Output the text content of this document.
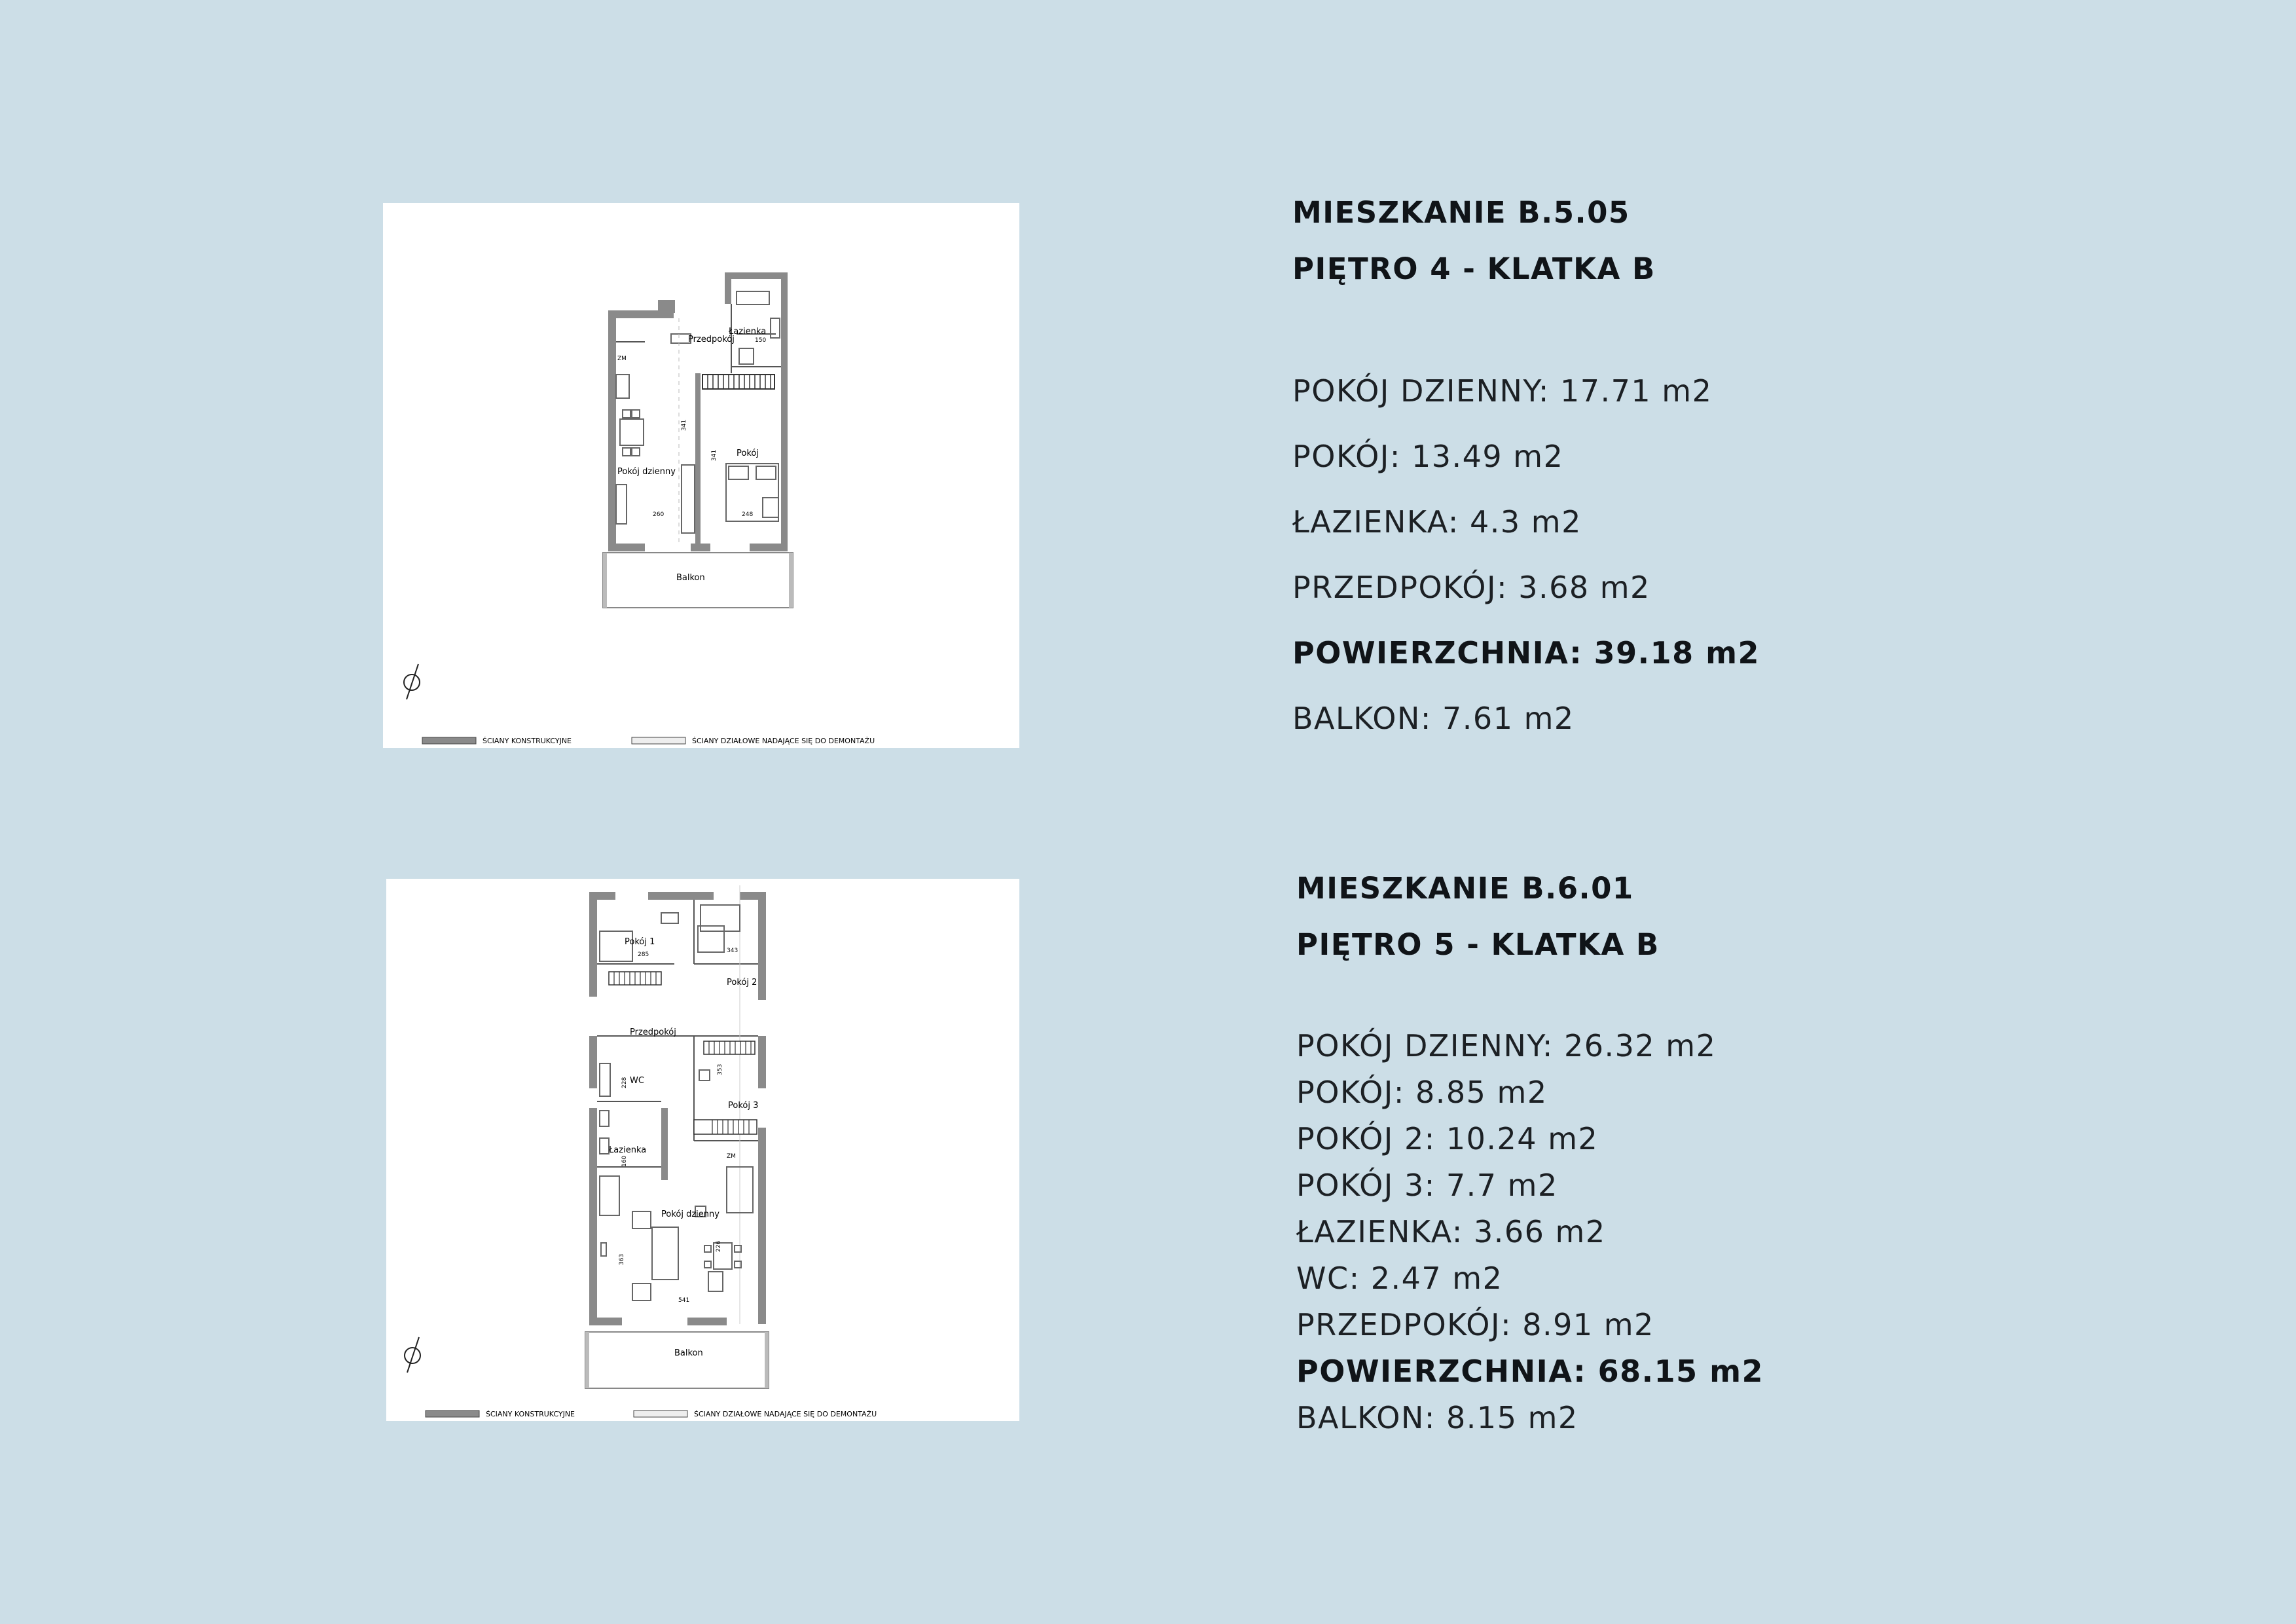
Przedpokój
Łazienka
Pokój
Pokój dzienny
Balkon
ZM
341
341
260	248
150
ŚCIANY KONSTRUKCYJNE	ŚCIANY DZIAŁOWE NADAJĄCE SIĘ DO DEMONTAŻU
MIESZKANIE B.5.05
PIĘTRO 4 - KLATKA B
POKÓJ DZIENNY: 17.71 m2
POKÓJ: 13.49 m2
ŁAZIENKA: 4.3 m2
PRZEDPOKÓJ: 3.68 m2
POWIERZCHNIA: 39.18 m2
BALKON: 7.61 m2
Pokój 1
Pokój 2
Przedpokój
WC
Pokój 3
Łazienka
Pokój dzienny
Balkon
285
343
353
ZM
541
363
228
160
226
ŚCIANY KONSTRUKCYJNE	ŚCIANY DZIAŁOWE NADAJĄCE SIĘ DO DEMONTAŻU
MIESZKANIE B.6.01
PIĘTRO 5 - KLATKA B
POKÓJ DZIENNY: 26.32 m2
POKÓJ: 8.85 m2
POKÓJ 2: 10.24 m2
POKÓJ 3: 7.7 m2
ŁAZIENKA: 3.66 m2
WC: 2.47 m2
PRZEDPOKÓJ: 8.91 m2
POWIERZCHNIA: 68.15 m2
BALKON: 8.15 m2
